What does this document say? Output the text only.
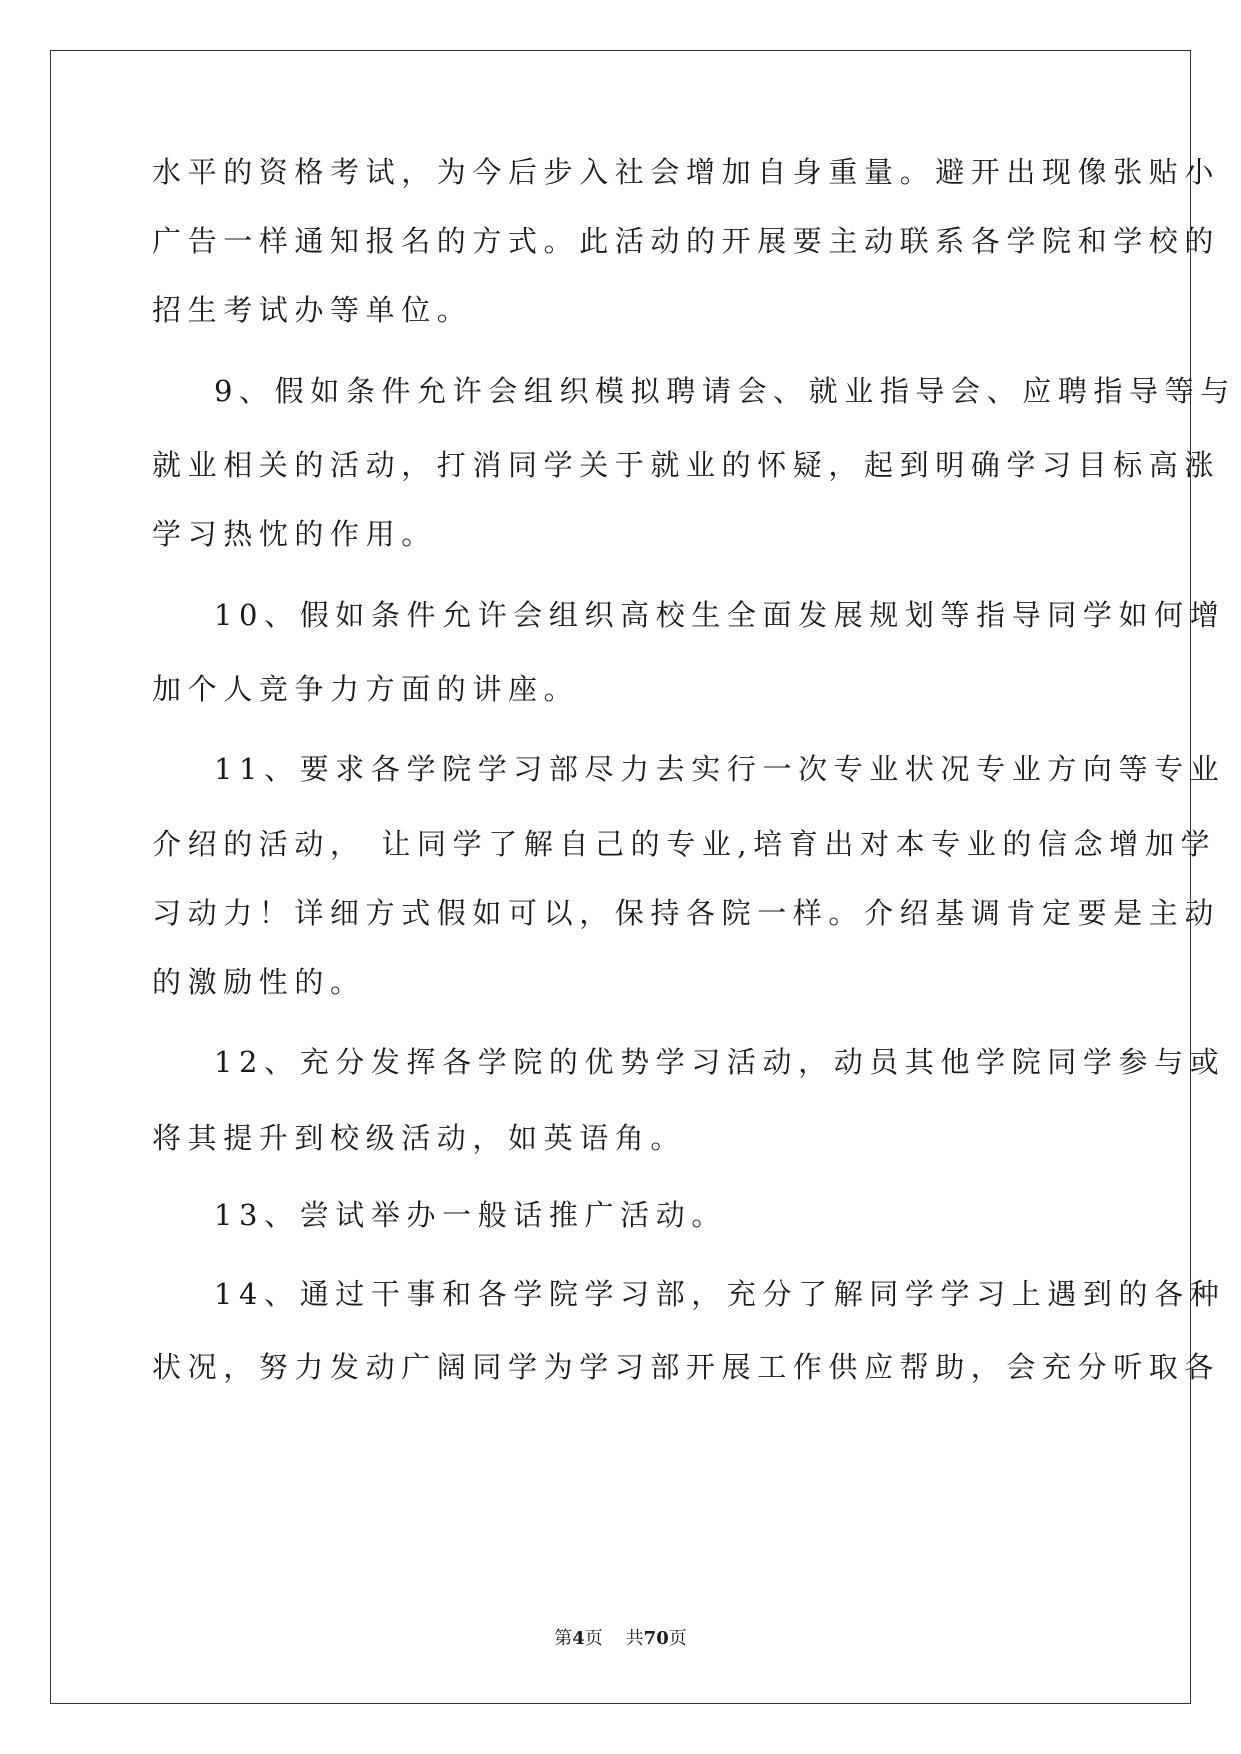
水平的资格考试，为今后步入社会增加自身重量。避开出现像张贴小
广告一样通知报名的方式。此活动的开展要主动联系各学院和学校的
招生考试办等单位。
9、假如条件允许会组织模拟聘请会、就业指导会、应聘指导等与
就业相关的活动，打消同学关于就业的怀疑，起到明确学习目标高涨
学习热忱的作用。
10、假如条件允许会组织高校生全面发展规划等指导同学如何增
加个人竞争力方面的讲座。
11、要求各学院学习部尽力去实行一次专业状况专业方向等专业
介绍的活动， 让同学了解自己的专业,培育出对本专业的信念增加学
习动力！详细方式假如可以，保持各院一样。介绍基调肯定要是主动
的激励性的。
12、充分发挥各学院的优势学习活动，动员其他学院同学参与或
将其提升到校级活动，如英语角。
13、尝试举办一般话推广活动。
14、通过干事和各学院学习部，充分了解同学学习上遇到的各种
状况，努力发动广阔同学为学习部开展工作供应帮助，会充分听取各
第4页 共70页
